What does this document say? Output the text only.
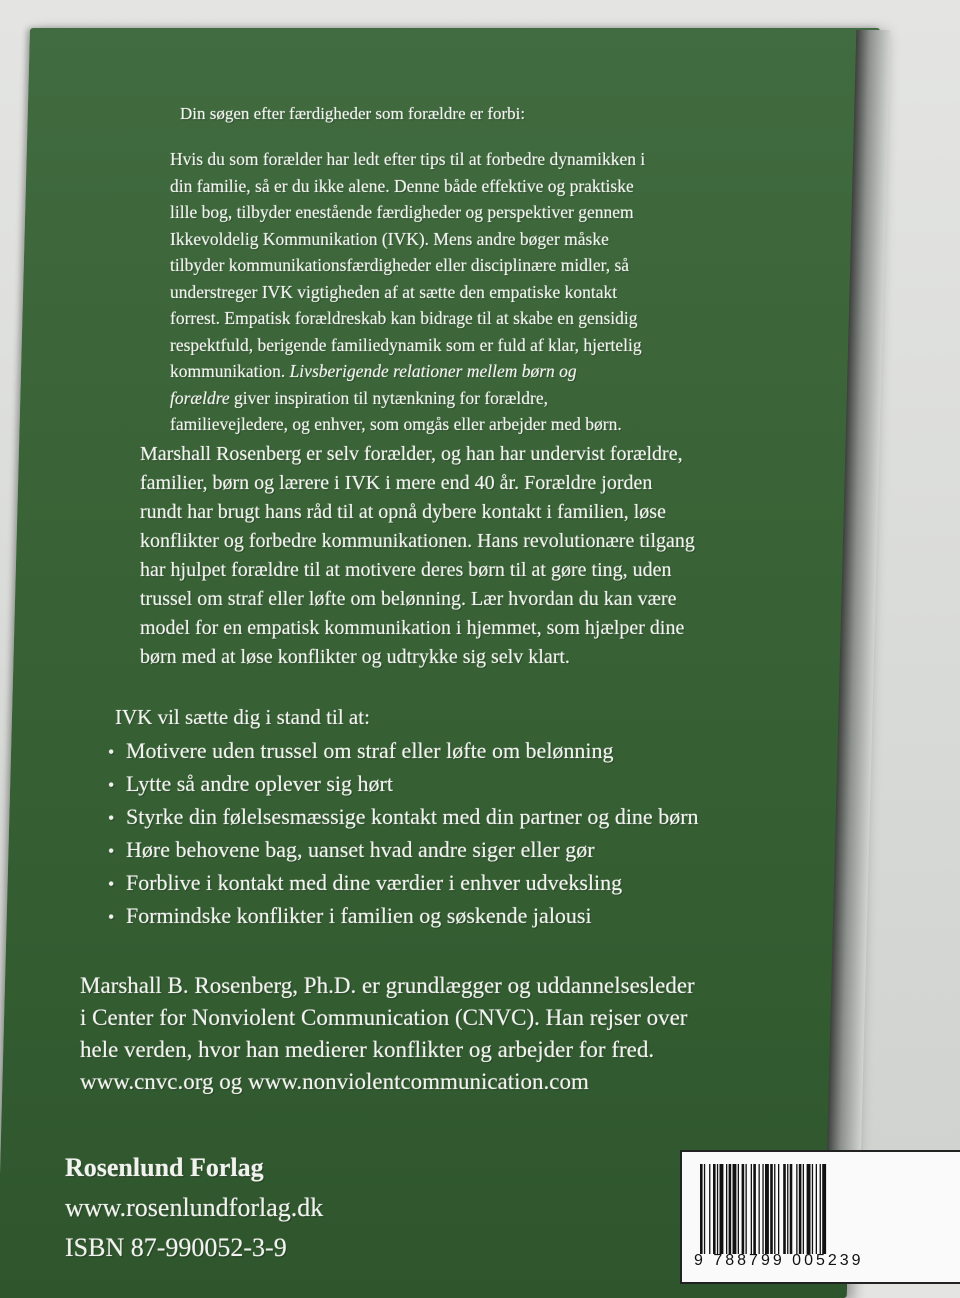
Din søgen efter færdigheder som forældre er forbi:
Hvis du som forælder har ledt efter tips til at forbedre dynamikken i
din familie, så er du ikke alene. Denne både effektive og praktiske
lille bog, tilbyder enestående færdigheder og perspektiver gennem
Ikkevoldelig Kommunikation (IVK). Mens andre bøger måske
tilbyder kommunikationsfærdigheder eller disciplinære midler, så
understreger IVK vigtigheden af at sætte den empatiske kontakt
forrest. Empatisk forældreskab kan bidrage til at skabe en gensidig
respektfuld, berigende familiedynamik som er fuld af klar, hjertelig
kommunikation. Livsberigende relationer mellem børn og
forældre giver inspiration til nytænkning for forældre,
familievejledere, og enhver, som omgås eller arbejder med børn.
Marshall Rosenberg er selv forælder, og han har undervist forældre,
familier, børn og lærere i IVK i mere end 40 år. Forældre jorden
rundt har brugt hans råd til at opnå dybere kontakt i familien, løse
konflikter og forbedre kommunikationen. Hans revolutionære tilgang
har hjulpet forældre til at motivere deres børn til at gøre ting, uden
trussel om straf eller løfte om belønning. Lær hvordan du kan være
model for en empatisk kommunikation i hjemmet, som hjælper dine
børn med at løse konflikter og udtrykke sig selv klart.
IVK vil sætte dig i stand til at:
• Motivere uden trussel om straf eller løfte om belønning
• Lytte så andre oplever sig hørt
• Styrke din følelsesmæssige kontakt med din partner og dine børn
• Høre behovene bag, uanset hvad andre siger eller gør
• Forblive i kontakt med dine værdier i enhver udveksling
• Formindske konflikter i familien og søskende jalousi
Marshall B. Rosenberg, Ph.D. er grundlægger og uddannelsesleder
i Center for Nonviolent Communication (CNVC). Han rejser over
hele verden, hvor han medierer konflikter og arbejder for fred.
www.cnvc.org og www.nonviolentcommunication.com
Rosenlund Forlag
www.rosenlundforlag.dk
ISBN 87-990052-3-9	9 788799 005239
